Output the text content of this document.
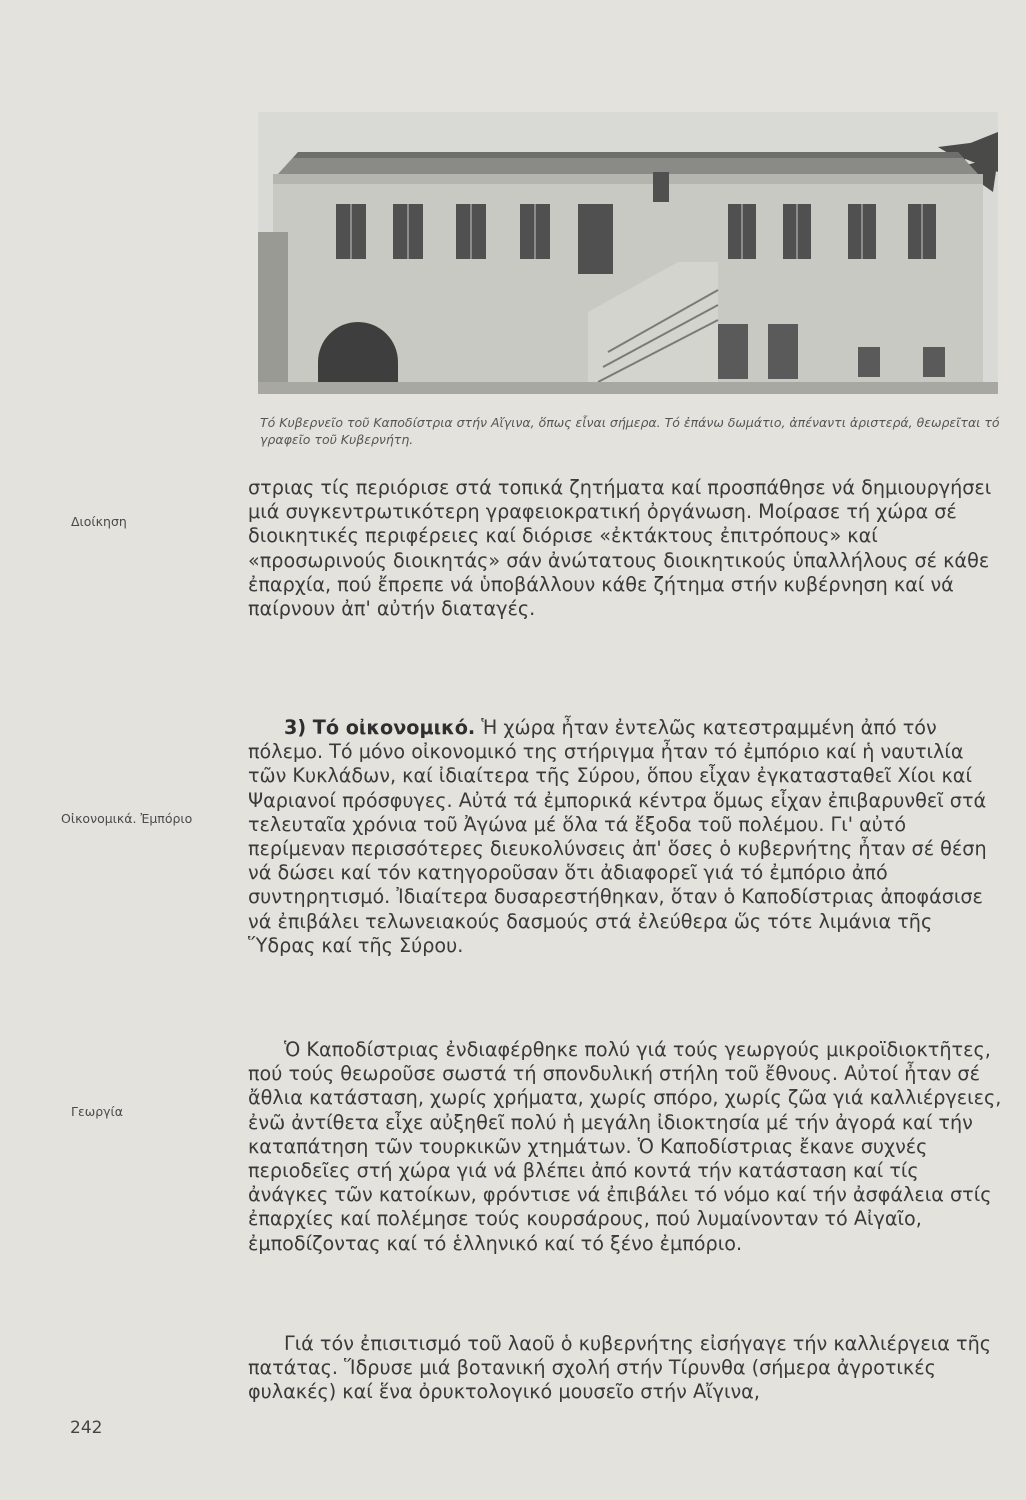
Τό Κυβερνεῖο τοῦ Καποδίστρια στήν Αἴγινα, ὅπως εἶναι σήμερα. Τό ἐπάνω δωμάτιο, ἀπέναντι ἀριστερά, θεωρεῖται τό γραφεῖο τοῦ Κυβερνήτη.
Διοίκηση
Οἰκονομικά. Ἐμπόριο
Γεωργία

στριας τίς περιόρισε στά τοπικά ζητήματα καί προσπάθησε νά δημιουργήσει μιά συγκεντρωτικότερη γραφειοκρατική ὀργάνωση. Μοίρασε τή χώρα σέ διοικητικές περιφέρειες καί διόρισε «ἐκτάκτους ἐπιτρόπους» καί «προσωρινούς διοικητάς» σάν ἀνώτατους διοικητικούς ὑπαλλήλους σέ κάθε ἐπαρχία, πού ἔπρεπε νά ὑποβάλλουν κάθε ζήτημα στήν κυβέρνηση καί νά παίρνουν ἀπ' αὐτήν διαταγές.

3) Τό οἰκονομικό. Ἡ χώρα ἦταν ἐντελῶς κατεστραμμένη ἀπό τόν πόλεμο. Τό μόνο οἰκονομικό της στήριγμα ἦταν τό ἐμπόριο καί ἡ ναυτιλία τῶν Κυκλάδων, καί ἰδιαίτερα τῆς Σύρου, ὅπου εἶχαν ἐγκατασταθεῖ Χίοι καί Ψαριανοί πρόσφυγες. Αὐτά τά ἐμπορικά κέντρα ὅμως εἶχαν ἐπιβαρυνθεῖ στά τελευταῖα χρόνια τοῦ Ἀγώνα μέ ὅλα τά ἔξοδα τοῦ πολέμου. Γι' αὐτό περίμεναν περισσότερες διευκολύνσεις ἀπ' ὅσες ὁ κυβερνήτης ἦταν σέ θέση νά δώσει καί τόν κατηγοροῦσαν ὅτι ἀδιαφορεῖ γιά τό ἐμπόριο ἀπό συντηρητισμό. Ἰδιαίτερα δυσαρεστήθηκαν, ὅταν ὁ Καποδίστριας ἀποφάσισε νά ἐπιβάλει τελωνειακούς δασμούς στά ἐλεύθερα ὥς τότε λιμάνια τῆς Ὕδρας καί τῆς Σύρου.

Ὁ Καποδίστριας ἐνδιαφέρθηκε πολύ γιά τούς γεωργούς μικροϊδιοκτῆτες, πού τούς θεωροῦσε σωστά τή σπονδυλική στήλη τοῦ ἔθνους. Αὐτοί ἦταν σέ ἄθλια κατάσταση, χωρίς χρήματα, χωρίς σπόρο, χωρίς ζῶα γιά καλλιέργειες, ἐνῶ ἀντίθετα εἶχε αὐξηθεῖ πολύ ἡ μεγάλη ἰδιοκτησία μέ τήν ἀγορά καί τήν καταπάτηση τῶν τουρκικῶν χτημάτων. Ὁ Καποδίστριας ἔκανε συχνές περιοδεῖες στή χώρα γιά νά βλέπει ἀπό κοντά τήν κατάσταση καί τίς ἀνάγκες τῶν κατοίκων, φρόντισε νά ἐπιβάλει τό νόμο καί τήν ἀσφάλεια στίς ἐπαρχίες καί πολέμησε τούς κουρσάρους, πού λυμαίνονταν τό Αἰγαῖο, ἐμποδίζοντας καί τό ἑλληνικό καί τό ξένο ἐμπόριο.

Γιά τόν ἐπισιτισμό τοῦ λαοῦ ὁ κυβερνήτης εἰσήγαγε τήν καλλιέργεια τῆς πατάτας. Ἵδρυσε μιά βοτανική σχολή στήν Τίρυνθα (σήμερα ἀγροτικές φυλακές) καί ἕνα ὀρυκτολογικό μουσεῖο στήν Αἴγινα,

242
